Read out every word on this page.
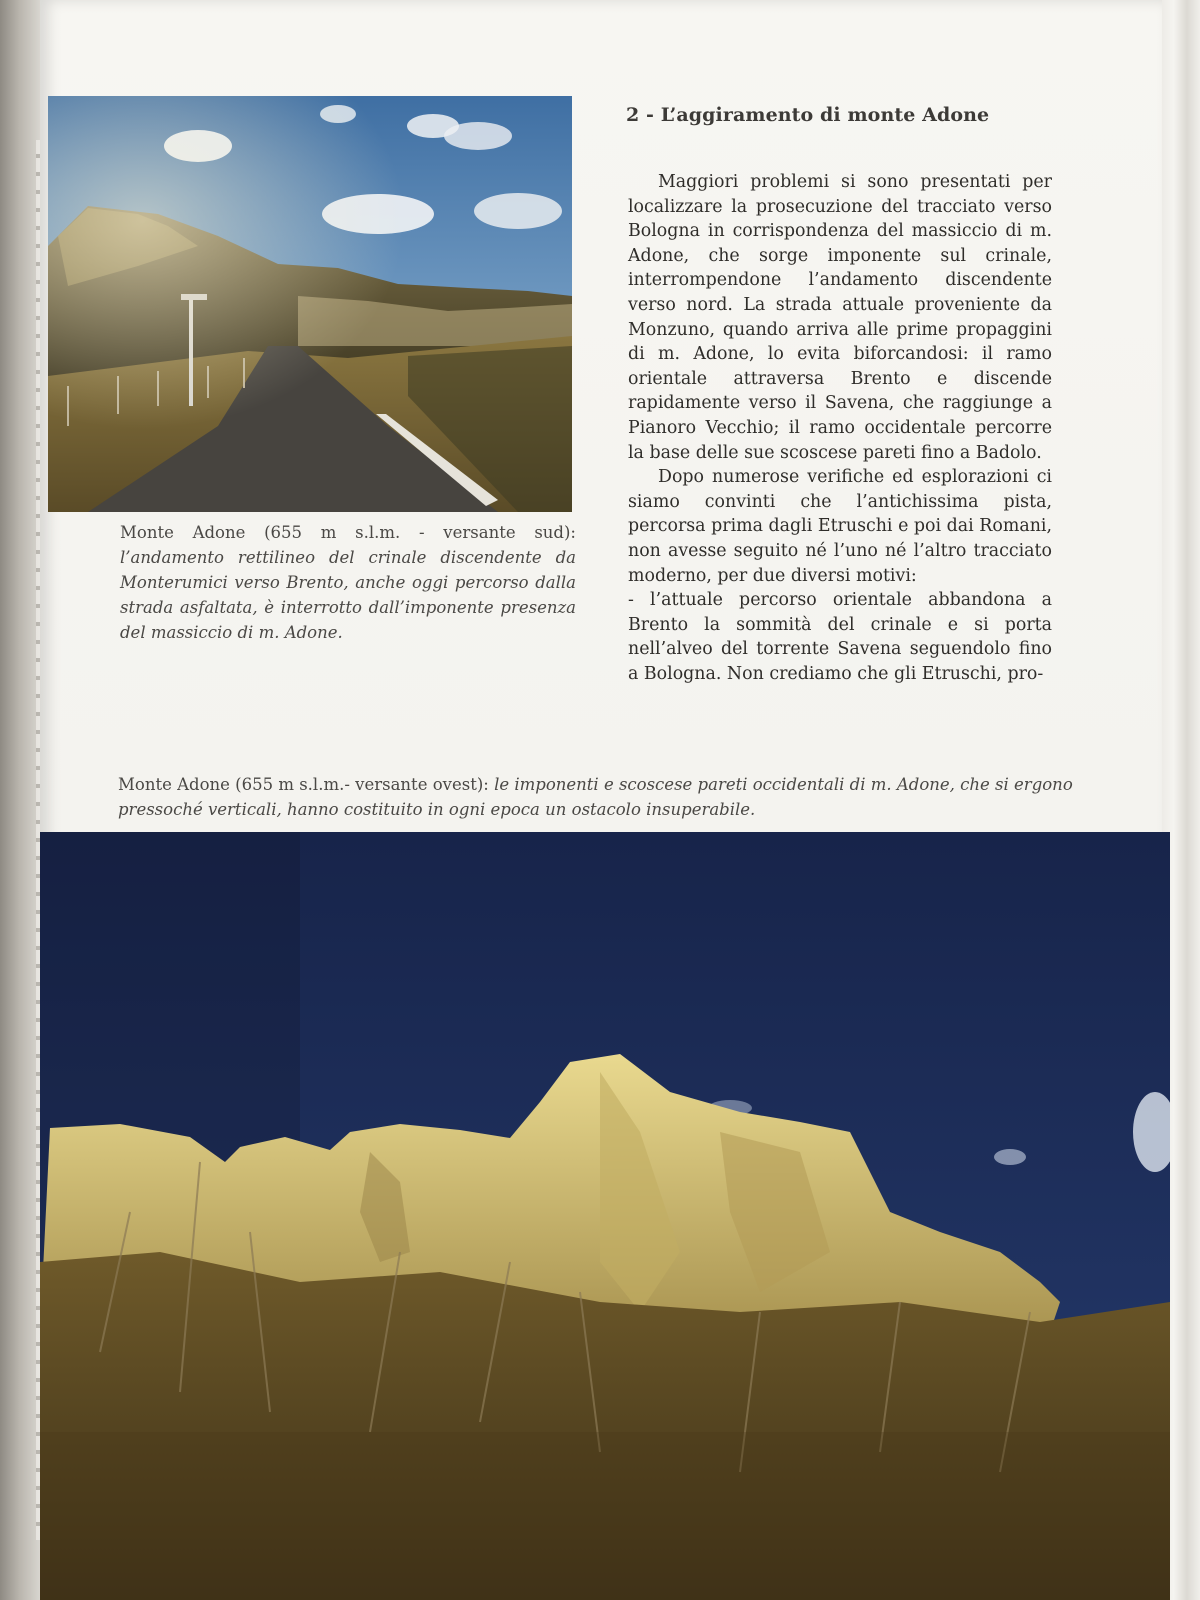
Monte Adone (655 m s.l.m. - versante sud): l’andamento rettilineo del crinale discendente da Monterumici verso Brento, anche oggi percorso dalla strada asfaltata, è interrotto dall’imponente presenza del massiccio di m. Adone.
2 - L’aggiramento di monte Adone

Maggiori problemi si sono presentati per localizzare la prosecuzione del tracciato verso Bologna in corrispondenza del massiccio di m. Adone, che sorge imponente sul crinale, interrompendone l’andamento discendente verso nord. La strada attuale proveniente da Monzuno, quando arriva alle prime propaggini di m. Adone, lo evita biforcandosi: il ramo orientale attraversa Brento e discende rapidamente verso il Savena, che raggiunge a Pianoro Vecchio; il ramo occidentale percorre la base delle sue scoscese pareti fino a Badolo.

Dopo numerose verifiche ed esplorazioni ci siamo convinti che l’antichissima pista, percorsa prima dagli Etruschi e poi dai Romani, non avesse seguito né l’uno né l’altro tracciato moderno, per due diversi motivi:

- l’attuale percorso orientale abbandona a Brento la sommità del crinale e si porta nell’alveo del torrente Savena seguendolo fino a Bologna. Non crediamo che gli Etruschi, pro-

Monte Adone (655 m s.l.m.- versante ovest): le imponenti e scoscese pareti occidentali di m. Adone, che si ergono pressoché verticali, hanno costituito in ogni epoca un ostacolo insuperabile.
